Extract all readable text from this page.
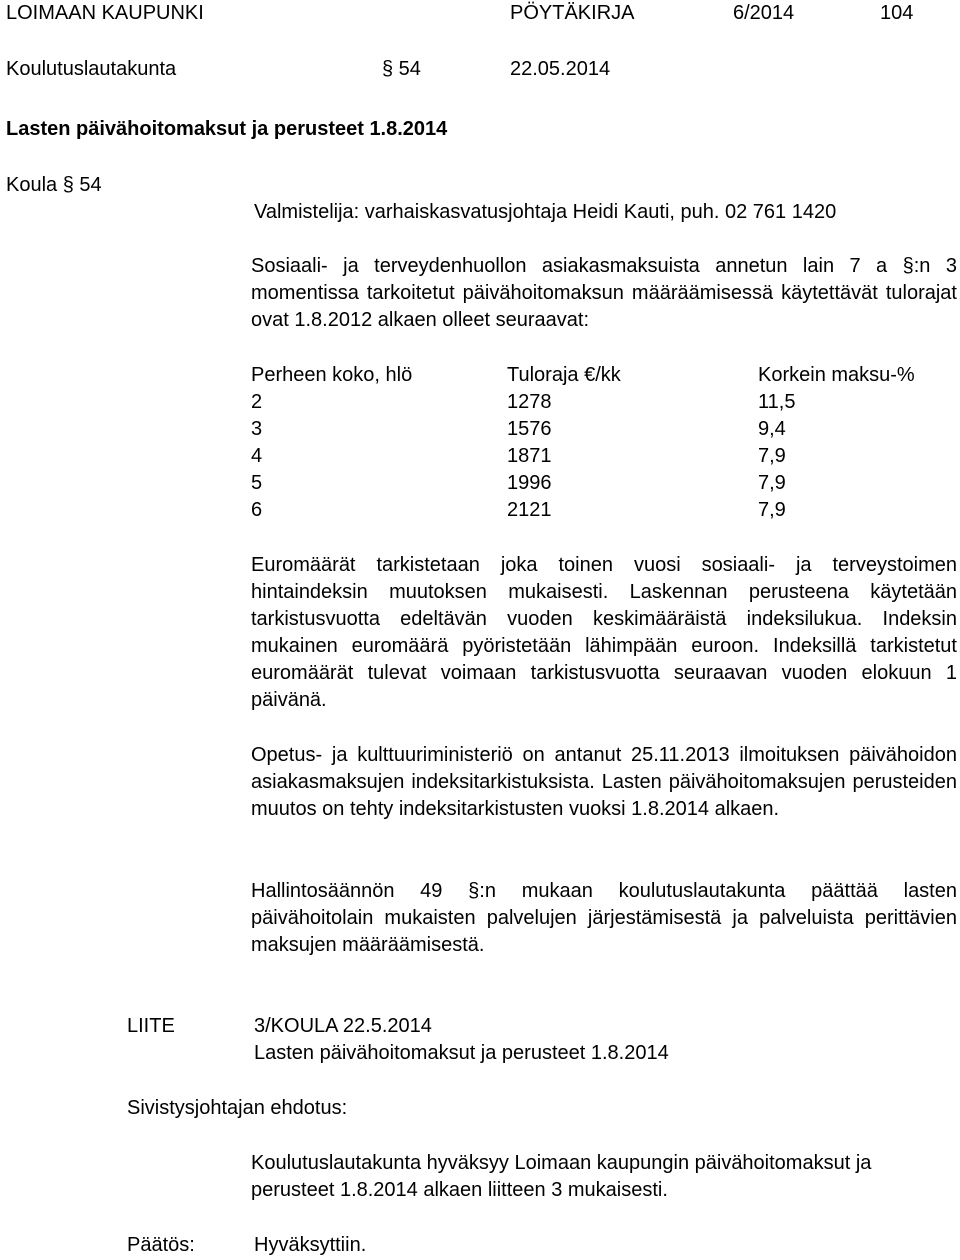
LOIMAAN KAUPUNKI	PÖYTÄKIRJA	6/2014	104
Koulutuslautakunta	§ 54	22.05.2014
Lasten päivähoitomaksut ja perusteet 1.8.2014
Koula § 54
Valmistelija: varhaiskasvatusjohtaja Heidi Kauti, puh. 02 761 1420
Sosiaali- ja terveydenhuollon asiakasmaksuista annetun lain 7 a §:n 3 momentissa tarkoitetut päivähoitomaksun määräämisessä käytettävät tulorajat ovat 1.8.2012 alkaen olleet seuraavat:
Perheen koko, hlö	Tuloraja €/kk	Korkein maksu-%
2	1278	11,5
3	1576	9,4
4	1871	7,9
5	1996	7,9
6	2121	7,9
Euromäärät tarkistetaan joka toinen vuosi sosiaali- ja terveystoimen hintaindeksin muutoksen mukaisesti. Laskennan perusteena käytetään tarkistusvuotta edeltävän vuoden keskimääräistä indeksilukua. Indeksin mukainen euromäärä pyöristetään lähimpään euroon. Indeksillä tarkistetut euromäärät tulevat voimaan tarkistusvuotta seuraavan vuoden elokuun 1 päivänä.
Opetus- ja kulttuuriministeriö on antanut 25.11.2013 ilmoituksen päivähoidon asiakasmaksujen indeksitarkistuksista. Lasten päivähoitomaksujen perusteiden muutos on tehty indeksitarkistusten vuoksi 1.8.2014 alkaen.
Hallintosäännön 49 §:n mukaan koulutuslautakunta päättää lasten päivähoitolain mukaisten palvelujen järjestämisestä ja palveluista perittävien maksujen määräämisestä.
LIITE	3/KOULA 22.5.2014
Lasten päivähoitomaksut ja perusteet 1.8.2014
Sivistysjohtajan ehdotus:
Koulutuslautakunta hyväksyy Loimaan kaupungin päivähoitomaksut ja perusteet 1.8.2014 alkaen liitteen 3 mukaisesti.
Päätös:	Hyväksyttiin.
